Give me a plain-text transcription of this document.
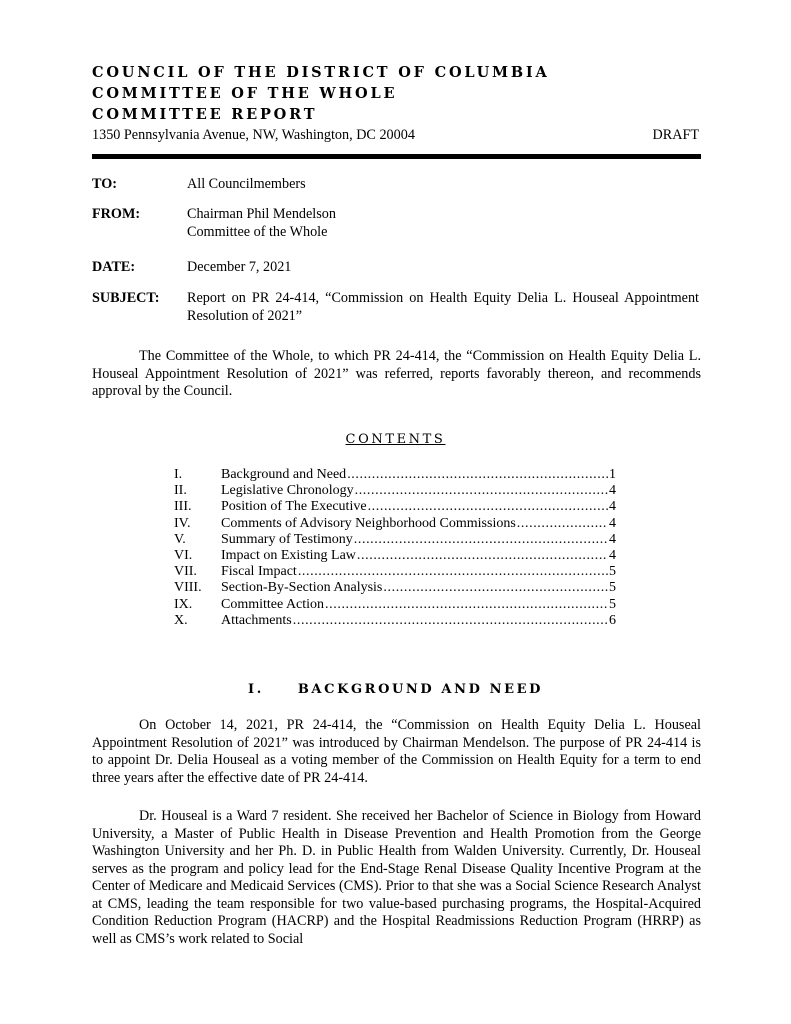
COUNCIL OF THE DISTRICT OF COLUMBIA
COMMITTEE OF THE WHOLE
COMMITTEE REPORT
1350 Pennsylvania Avenue, NW, Washington, DC 20004	DRAFT
TO:	All Councilmembers
FROM:	Chairman Phil Mendelson
Committee of the Whole
DATE:	December 7, 2021
SUBJECT: Report on PR 24-414, “Commission on Health Equity Delia L. Houseal Appointment Resolution of 2021”

The Committee of the Whole, to which PR 24-414, the “Commission on Health Equity Delia L. Houseal Appointment Resolution of 2021” was referred, reports favorably thereon, and recommends approval by the Council.

CONTENTS
I.	Background and Need .....	1
II. Legislative Chronology .....	4
III. Position of The Executive .....	4
IV. Comments of Advisory Neighborhood Commissions .....	4
V.	Summary of Testimony .....	4
VI. Impact on Existing Law .....	4
VII. Fiscal Impact .....	5
VIII. Section-By-Section Analysis .....	5
IX. Committee Action .....	5
X. Attachments .....	6
I.	BACKGROUND AND NEED

On October 14, 2021, PR 24-414, the “Commission on Health Equity Delia L. Houseal Appointment Resolution of 2021” was introduced by Chairman Mendelson. The purpose of PR 24-414 is to appoint Dr. Delia Houseal as a voting member of the Commission on Health Equity for a term to end three years after the effective date of PR 24-414.

Dr. Houseal is a Ward 7 resident. She received her Bachelor of Science in Biology from Howard University, a Master of Public Health in Disease Prevention and Health Promotion from the George Washington University and her Ph. D. in Public Health from Walden University. Currently, Dr. Houseal serves as the program and policy lead for the End-Stage Renal Disease Quality Incentive Program at the Center of Medicare and Medicaid Services (CMS). Prior to that she was a Social Science Research Analyst at CMS, leading the team responsible for two value-based purchasing programs, the Hospital-Acquired Condition Reduction Program (HACRP) and the Hospital Readmissions Reduction Program (HRRP) as well as CMS’s work related to Social
